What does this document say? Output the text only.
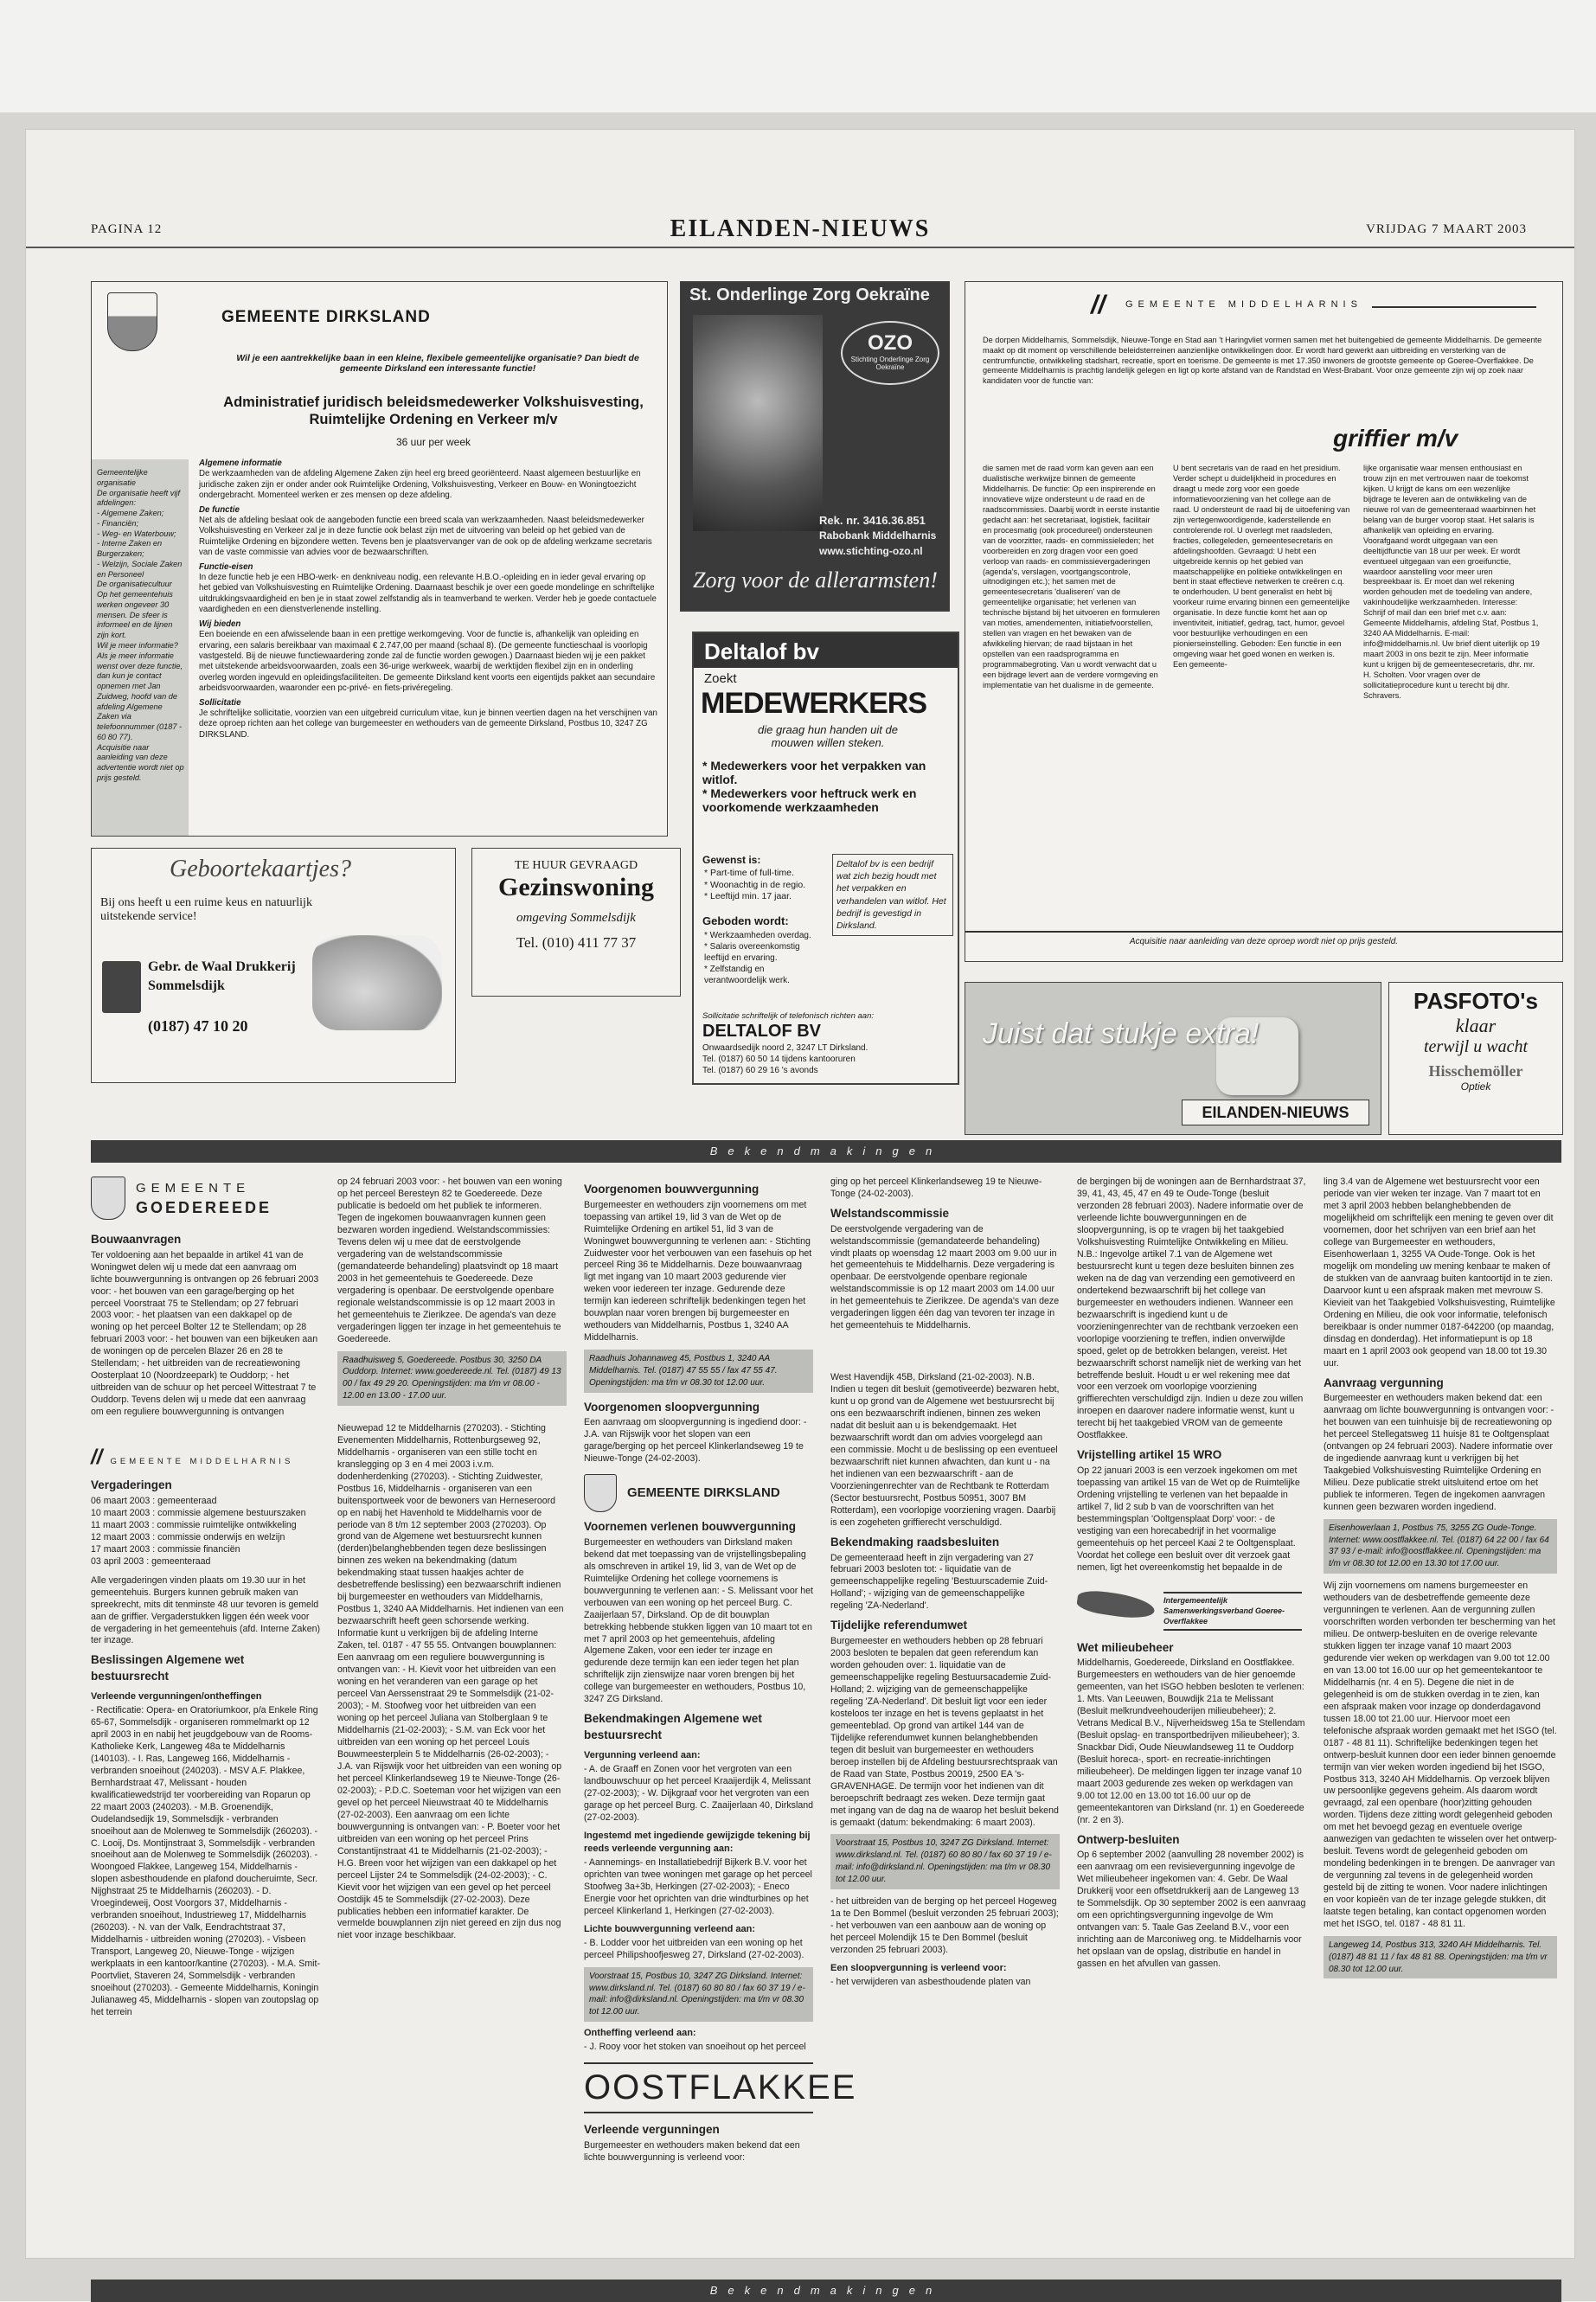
PAGINA 12	EILANDEN-NIEUWS	VRIJDAG 7 MAART 2003
GEMEENTE DIRKSLAND
Gemeentelijke organisatie
De organisatie heeft vijf afdelingen:
- Algemene Zaken;
- Financiën;
- Weg- en Waterbouw;
- Interne Zaken en Burgerzaken;
- Welzijn, Sociale Zaken en Personeel
De organisatiecultuur
Op het gemeentehuis werken ongeveer 30 mensen. De sfeer is informeel en de lijnen zijn kort.
Wil je meer informatie?
Als je meer informatie wenst over deze functie, dan kun je contact opnemen met Jan Zuidweg, hoofd van de afdeling Algemene Zaken via telefoonnummer (0187 - 60 80 77).
Acquisitie naar aanleiding van deze advertentie wordt niet op prijs gesteld.
Wil je een aantrekkelijke baan in een kleine, flexibele gemeentelijke organisatie? Dan biedt de gemeente Dirksland een interessante functie!
Administratief juridisch beleidsmedewerker Volkshuisvesting, Ruimtelijke Ordening en Verkeer m/v
36 uur per week
Algemene informatie
De werkzaamheden van de afdeling Algemene Zaken zijn heel erg breed georiënteerd. Naast algemeen bestuurlijke en juridische zaken zijn er onder ander ook Ruimtelijke Ordening, Volkshuisvesting, Verkeer en Bouw- en Woningtoezicht ondergebracht. Momenteel werken er zes mensen op deze afdeling.
De functie
Net als de afdeling beslaat ook de aangeboden functie een breed scala van werkzaamheden. Naast beleidsmedewerker Volkshuisvesting en Verkeer zal je in deze functie ook belast zijn met de uitvoering van beleid op het gebied van de Ruimtelijke Ordening en bijzondere wetten. Tevens ben je plaatsvervanger van de ook op de afdeling werkzame secretaris van de vaste commissie van advies voor de bezwaarschriften.
Functie-eisen
In deze functie heb je een HBO-werk- en denkniveau nodig, een relevante H.B.O.-opleiding en in ieder geval ervaring op het gebied van Volkshuisvesting en Ruimtelijke Ordening. Daarnaast beschik je over een goede mondelinge en schriftelijke uitdrukkingsvaardigheid en ben je in staat zowel zelfstandig als in teamverband te werken. Verder heb je goede contactuele vaardigheden en een dienstverlenende instelling.
Wij bieden
Een boeiende en een afwisselende baan in een prettige werkomgeving. Voor de functie is, afhankelijk van opleiding en ervaring, een salaris bereikbaar van maximaal € 2.747,00 per maand (schaal 8). (De gemeente functieschaal is voorlopig vastgesteld. Bij de nieuwe functiewaardering zonde zal de functie worden gewogen.) Daarnaast bieden wij je een pakket met uitstekende arbeidsvoorwaarden, zoals een 36-urige werkweek, waarbij de werktijden flexibel zijn en in onderling overleg worden ingevuld en opleidingsfaciliteiten. De gemeente Dirksland kent voorts een eigentijds pakket aan secundaire arbeidsvoorwaarden, waaronder een pc-privé- en fiets-privéregeling.
Sollicitatie
Je schriftelijke sollicitatie, voorzien van een uitgebreid curriculum vitae, kun je binnen veertien dagen na het verschijnen van deze oproep richten aan het college van burgemeester en wethouders van de gemeente Dirksland, Postbus 10, 3247 ZG DIRKSLAND.
St. Onderlinge Zorg Oekraïne
OZO
Stichting Onderlinge Zorg Oekraïne
Rek. nr. 3416.36.851
Rabobank Middelharnis
www.stichting-ozo.nl
Zorg voor de allerarmsten!
Deltalof bv
Zoekt
MEDEWERKERS
die graag hun handen uit de mouwen willen steken.
* Medewerkers voor het verpakken van witlof.
* Medewerkers voor heftruck werk en voorkomende werkzaamheden
Gewenst is:
* Part-time of full-time.
* Woonachtig in de regio.
* Leeftijd min. 17 jaar.
Geboden wordt:
* Werkzaamheden overdag.
* Salaris overeenkomstig leeftijd en ervaring.
* Zelfstandig en verantwoordelijk werk.
Deltalof bv is een bedrijf wat zich bezig houdt met het verpakken en verhandelen van witlof. Het bedrijf is gevestigd in Dirksland.
Sollicitatie schriftelijk of telefonisch richten aan:
DELTALOF BV
Onwaardsedijk noord 2, 3247 LT Dirksland.
Tel. (0187) 60 50 14 tijdens kantooruren
Tel. (0187) 60 29 16 's avonds
// GEMEENTE MIDDELHARNIS
De dorpen Middelharnis, Sommelsdijk, Nieuwe-Tonge en Stad aan 't Haringvliet vormen samen met het buitengebied de gemeente Middelharnis. De gemeente maakt op dit moment op verschillende beleidsterreinen aanzienlijke ontwikkelingen door. Er wordt hard gewerkt aan uitbreiding en versterking van de centrumfunctie, ontwikkeling stadshart, recreatie, sport en toerisme. De gemeente is met 17.350 inwoners de grootste gemeente op Goeree-Overflakkee. De gemeente Middelharnis is prachtig landelijk gelegen en ligt op korte afstand van de Randstad en West-Brabant. Voor onze gemeente zijn wij op zoek naar kandidaten voor de functie van:
griffier m/v
die samen met de raad vorm kan geven aan een dualistische werkwijze binnen de gemeente Middelharnis. De functie: Op een inspirerende en innovatieve wijze ondersteunt u de raad en de raadscommissies. Daarbij wordt in eerste instantie gedacht aan: het secretariaat, logistiek, facilitair en procesmatig (ook procedureel) ondersteunen van de voorzitter, raads- en commissieleden; het voorbereiden en zorg dragen voor een goed verloop van raads- en commissievergaderingen (agenda's, verslagen, voortgangscontrole, uitnodigingen etc.); het samen met de gemeentesecretaris 'dualiseren' van de gemeentelijke organisatie; het verlenen van technische bijstand bij het uitvoeren en formuleren van moties, amendementen, initiatiefvoorstellen, stellen van vragen en het bewaken van de afwikkeling hiervan; de raad bijstaan in het opstellen van een raadsprogramma en programmabegroting. Van u wordt verwacht dat u een bijdrage levert aan de verdere vormgeving en implementatie van het dualisme in de gemeente.
U bent secretaris van de raad en het presidium. Verder schept u duidelijkheid in procedures en draagt u mede zorg voor een goede informatievoorziening van het college aan de raad. U ondersteunt de raad bij de uitoefening van zijn vertegenwoordigende, kaderstellende en controlerende rol. U overlegt met raadsleden, fracties, collegeleden, gemeentesecretaris en afdelingshoofden. Gevraagd: U hebt een uitgebreide kennis op het gebied van maatschappelijke en politieke ontwikkelingen en bent in staat effectieve netwerken te creëren c.q. te onderhouden. U bent generalist en hebt bij voorkeur ruime ervaring binnen een gemeentelijke organisatie. In deze functie komt het aan op inventiviteit, initiatief, gedrag, tact, humor, gevoel voor bestuurlijke verhoudingen en een pionierseinstelling. Geboden: Een functie in een omgeving waar het goed wonen en werken is. Een gemeente-
lijke organisatie waar mensen enthousiast en trouw zijn en met vertrouwen naar de toekomst kijken. U krijgt de kans om een wezenlijke bijdrage te leveren aan de ontwikkeling van de nieuwe rol van de gemeenteraad waarbinnen het belang van de burger voorop staat. Het salaris is afhankelijk van opleiding en ervaring. Voorafgaand wordt uitgegaan van een deeltijdfunctie van 18 uur per week. Er wordt eventueel uitgegaan van een groeifunctie, waardoor aanstelling voor meer uren bespreekbaar is. Er moet dan wel rekening worden gehouden met de toedeling van andere, vakinhoudelijke werkzaamheden. Interesse: Schrijf of mail dan een brief met c.v. aan: Gemeente Middelharnis, afdeling Staf, Postbus 1, 3240 AA Middelharnis. E-mail: info@middelharnis.nl. Uw brief dient uiterlijk op 19 maart 2003 in ons bezit te zijn. Meer informatie kunt u krijgen bij de gemeentesecretaris, dhr. mr. H. Scholten. Voor vragen over de sollicitatieprocedure kunt u terecht bij dhr. Schravers.
Acquisitie naar aanleiding van deze oproep wordt niet op prijs gesteld.
Geboortekaartjes?
Bij ons heeft u een ruime keus en natuurlijk uitstekende service!
Gebr. de Waal Drukkerij
Sommelsdijk
(0187) 47 10 20
TE HUUR GEVRAAGD
Gezinswoning
omgeving Sommelsdijk
Tel. (010) 411 77 37
Juist dat stukje extra!
EILANDEN-NIEUWS
PASFOTO's
klaar
terwijl u wacht
Hisschemöller
Optiek
Bekendmakingen
Bekendmakingen
GEMEENTE
GOEDEREEDE
Bouwaanvragen

Ter voldoening aan het bepaalde in artikel 41 van de Woningwet delen wij u mede dat een aanvraag om lichte bouwvergunning is ontvangen op 26 februari 2003 voor: - het bouwen van een garage/berging op het perceel Voorstraat 75 te Stellendam; op 27 februari 2003 voor: - het plaatsen van een dakkapel op de woning op het perceel Bolter 12 te Stellendam; op 28 februari 2003 voor: - het bouwen van een bijkeuken aan de woningen op de percelen Blazer 26 en 28 te Stellendam; - het uitbreiden van de recreatiewoning Oosterplaat 10 (Noordzeepark) te Ouddorp; - het uitbreiden van de schuur op het perceel Wittestraat 7 te Ouddorp. Tevens delen wij u mede dat een aanvraag om een reguliere bouwvergunning is ontvangen

// GEMEENTE MIDDELHARNIS
Vergaderingen
06 maart 2003 : gemeenteraad
10 maart 2003 : commissie algemene bestuurszaken
11 maart 2003 : commissie ruimtelijke ontwikkeling
12 maart 2003 : commissie onderwijs en welzijn
17 maart 2003 : commissie financiën
03 april 2003 : gemeenteraad

Alle vergaderingen vinden plaats om 19.30 uur in het gemeentehuis. Burgers kunnen gebruik maken van spreekrecht, mits dit tenminste 48 uur tevoren is gemeld aan de griffier. Vergaderstukken liggen één week voor de vergadering in het gemeentehuis (afd. Interne Zaken) ter inzage.

Beslissingen Algemene wet bestuursrecht
Verleende vergunningen/ontheffingen

- Rectificatie: Opera- en Oratoriumkoor, p/a Enkele Ring 65-67, Sommelsdijk - organiseren rommelmarkt op 12 april 2003 in en nabij het jeugdgebouw van de Rooms-Katholieke Kerk, Langeweg 48a te Middelharnis (140103). - I. Ras, Langeweg 166, Middelharnis - verbranden snoeihout (240203). - MSV A.F. Plakkee, Bernhardstraat 47, Melissant - houden kwalificatiewedstrijd ter voorbereiding van Roparun op 22 maart 2003 (240203). - M.B. Groenendijk, Oudelandsedijk 19, Sommelsdijk - verbranden snoeihout aan de Molenweg te Sommelsdijk (260203). - C. Looij, Ds. Montijnstraat 3, Sommelsdijk - verbranden snoeihout aan de Molenweg te Sommelsdijk (260203). - Woongoed Flakkee, Langeweg 154, Middelharnis - slopen asbesthoudende en plafond doucheruimte, Secr. Nijghstraat 25 te Middelharnis (260203). - D. Vroegindeweij, Oost Voorgors 37, Middelharnis - verbranden snoeihout, Industrieweg 17, Middelharnis (260203). - N. van der Valk, Eendrachtstraat 37, Middelharnis - uitbreiden woning (270203). - Visbeen Transport, Langeweg 20, Nieuwe-Tonge - wijzigen werkplaats in een kantoor/kantine (270203). - M.A. Smit-Poortvliet, Staveren 24, Sommelsdijk - verbranden snoeihout (270203). - Gemeente Middelharnis, Koningin Julianaweg 45, Middelharnis - slopen van zoutopslag op het terrein

op 24 februari 2003 voor: - het bouwen van een woning op het perceel Beresteyn 82 te Goedereede. Deze publicatie is bedoeld om het publiek te informeren. Tegen de ingekomen bouwaanvragen kunnen geen bezwaren worden ingediend. Welstandscommissies: Tevens delen wij u mee dat de eerstvolgende vergadering van de welstandscommissie (gemandateerde behandeling) plaatsvindt op 18 maart 2003 in het gemeentehuis te Goedereede. Deze vergadering is openbaar. De eerstvolgende openbare regionale welstandscommissie is op 12 maart 2003 in het gemeentehuis te Zierikzee. De agenda's van deze vergaderingen liggen ter inzage in het gemeentehuis te Goedereede.

Raadhuisweg 5, Goedereede. Postbus 30, 3250 DA Ouddorp. Internet: www.goedereede.nl. Tel. (0187) 49 13 00 / fax 49 29 20. Openingstijden: ma t/m vr 08.00 - 12.00 en 13.00 - 17.00 uur.

Nieuwepad 12 te Middelharnis (270203). - Stichting Evenementen Middelharnis, Rottenburgseweg 92, Middelharnis - organiseren van een stille tocht en kranslegging op 3 en 4 mei 2003 i.v.m. dodenherdenking (270203). - Stichting Zuidwester, Postbus 16, Middelharnis - organiseren van een buitensportweek voor de bewoners van Herneseroord op en nabij het Havenhold te Middelharnis voor de periode van 8 t/m 12 september 2003 (270203). Op grond van de Algemene wet bestuursrecht kunnen (derden)belanghebbenden tegen deze beslissingen binnen zes weken na bekendmaking (datum bekendmaking staat tussen haakjes achter de desbetreffende beslissing) een bezwaarschrift indienen bij burgemeester en wethouders van Middelharnis, Postbus 1, 3240 AA Middelharnis. Het indienen van een bezwaarschrift heeft geen schorsende werking. Informatie kunt u verkrijgen bij de afdeling Interne Zaken, tel. 0187 - 47 55 55. Ontvangen bouwplannen: Een aanvraag om een reguliere bouwvergunning is ontvangen van: - H. Kievit voor het uitbreiden van een woning en het veranderen van een garage op het perceel Van Aerssenstraat 29 te Sommelsdijk (21-02-2003); - M. Stoofweg voor het uitbreiden van een woning op het perceel Juliana van Stolberglaan 9 te Middelharnis (21-02-2003); - S.M. van Eck voor het uitbreiden van een woning op het perceel Louis Bouwmeesterplein 5 te Middelharnis (26-02-2003); - J.A. van Rijswijk voor het uitbreiden van een woning op het perceel Klinkerlandseweg 19 te Nieuwe-Tonge (26-02-2003); - P.D.C. Soeteman voor het wijzigen van een gevel op het perceel Nieuwstraat 40 te Middelharnis (27-02-2003). Een aanvraag om een lichte bouwvergunning is ontvangen van: - P. Boeter voor het uitbreiden van een woning op het perceel Prins Constantijnstraat 41 te Middelharnis (21-02-2003); - H.G. Breen voor het wijzigen van een dakkapel op het perceel Lijster 24 te Sommelsdijk (24-02-2003); - C. Kievit voor het wijzigen van een gevel op het perceel Oostdijk 45 te Sommelsdijk (27-02-2003). Deze publicaties hebben een informatief karakter. De vermelde bouwplannen zijn niet gereed en zijn dus nog niet voor inzage beschikbaar.

Voorgenomen bouwvergunning

Burgemeester en wethouders zijn voornemens om met toepassing van artikel 19, lid 3 van de Wet op de Ruimtelijke Ordening en artikel 51, lid 3 van de Woningwet bouwvergunning te verlenen aan: - Stichting Zuidwester voor het verbouwen van een fasehuis op het perceel Ring 36 te Middelharnis. Deze bouwaanvraag ligt met ingang van 10 maart 2003 gedurende vier weken voor iedereen ter inzage. Gedurende deze termijn kan iedereen schriftelijk bedenkingen tegen het bouwplan naar voren brengen bij burgemeester en wethouders van Middelharnis, Postbus 1, 3240 AA Middelharnis.

Raadhuis Johannaweg 45, Postbus 1, 3240 AA Middelharnis. Tel. (0187) 47 55 55 / fax 47 55 47. Openingstijden: ma t/m vr 08.30 tot 12.00 uur.
Voorgenomen sloopvergunning

Een aanvraag om sloopvergunning is ingediend door: - J.A. van Rijswijk voor het slopen van een garage/berging op het perceel Klinkerlandseweg 19 te Nieuwe-Tonge (24-02-2003).

GEMEENTE DIRKSLAND
Voornemen verlenen bouwvergunning

Burgemeester en wethouders van Dirksland maken bekend dat met toepassing van de vrijstellingsbepaling als omschreven in artikel 19, lid 3, van de Wet op de Ruimtelijke Ordening het college voornemens is bouwvergunning te verlenen aan: - S. Melissant voor het verbouwen van een woning op het perceel Burg. C. Zaaijerlaan 57, Dirksland. Op de dit bouwplan betrekking hebbende stukken liggen van 10 maart tot en met 7 april 2003 op het gemeentehuis, afdeling Algemene Zaken, voor een ieder ter inzage en gedurende deze termijn kan een ieder tegen het plan schriftelijk zijn zienswijze naar voren brengen bij het college van burgemeester en wethouders, Postbus 10, 3247 ZG Dirksland.

Bekendmakingen Algemene wet bestuursrecht
Vergunning verleend aan:

- A. de Graaff en Zonen voor het vergroten van een landbouwschuur op het perceel Kraaijerdijk 4, Melissant (27-02-2003); - W. Dijkgraaf voor het vergroten van een garage op het perceel Burg. C. Zaaijerlaan 40, Dirksland (27-02-2003).

Ingestemd met ingediende gewijzigde tekening bij reeds verleende vergunning aan:

- Aannemings- en Installatiebedrijf Bijkerk B.V. voor het oprichten van twee woningen met garage op het perceel Stoofweg 3a+3b, Herkingen (27-02-2003); - Eneco Energie voor het oprichten van drie windturbines op het perceel Klinkerland 1, Herkingen (27-02-2003).

Lichte bouwvergunning verleend aan:

- B. Lodder voor het uitbreiden van een woning op het perceel Philipshoofjesweg 27, Dirksland (27-02-2003).

Voorstraat 15, Postbus 10, 3247 ZG Dirksland. Internet: www.dirksland.nl. Tel. (0187) 60 80 80 / fax 60 37 19 / e-mail: info@dirksland.nl. Openingstijden: ma t/m vr 08.30 tot 12.00 uur.
Ontheffing verleend aan:

- J. Rooy voor het stoken van snoeihout op het perceel

OOSTFLAKKEE
Verleende vergunningen

Burgemeester en wethouders maken bekend dat een lichte bouwvergunning is verleend voor:

ging op het perceel Klinkerlandseweg 19 te Nieuwe-Tonge (24-02-2003).

Welstandscommissie

De eerstvolgende vergadering van de welstandscommissie (gemandateerde behandeling) vindt plaats op woensdag 12 maart 2003 om 9.00 uur in het gemeentehuis te Middelharnis. Deze vergadering is openbaar. De eerstvolgende openbare regionale welstandscommissie is op 12 maart 2003 om 14.00 uur in het gemeentehuis te Zierikzee. De agenda's van deze vergaderingen liggen één dag van tevoren ter inzage in het gemeentehuis te Middelharnis.

West Havendijk 45B, Dirksland (21-02-2003). N.B. Indien u tegen dit besluit (gemotiveerde) bezwaren hebt, kunt u op grond van de Algemene wet bestuursrecht bij ons een bezwaarschrift indienen, binnen zes weken nadat dit besluit aan u is bekendgemaakt. Het bezwaarschrift wordt dan om advies voorgelegd aan een commissie. Mocht u de beslissing op een eventueel bezwaarschrift niet kunnen afwachten, dan kunt u - na het indienen van een bezwaarschrift - aan de Voorzieningenrechter van de Rechtbank te Rotterdam (Sector bestuursrecht, Postbus 50951, 3007 BM Rotterdam), een voorlopige voorziening vragen. Daarbij is een zogeheten griffierecht verschuldigd.

Bekendmaking raadsbesluiten

De gemeenteraad heeft in zijn vergadering van 27 februari 2003 besloten tot: - liquidatie van de gemeenschappelijke regeling 'Bestuurscademie Zuid-Holland'; - wijziging van de gemeenschappelijke regeling 'ZA-Nederland'.

Tijdelijke referendumwet

Burgemeester en wethouders hebben op 28 februari 2003 besloten te bepalen dat geen referendum kan worden gehouden over: 1. liquidatie van de gemeenschappelijke regeling Bestuursacademie Zuid-Holland; 2. wijziging van de gemeenschappelijke regeling 'ZA-Nederland'. Dit besluit ligt voor een ieder kosteloos ter inzage en het is tevens geplaatst in het gemeenteblad. Op grond van artikel 144 van de Tijdelijke referendumwet kunnen belanghebbenden tegen dit besluit van burgemeester en wethouders beroep instellen bij de Afdeling bestuursrechtspraak van de Raad van State, Postbus 20019, 2500 EA 's-GRAVENHAGE. De termijn voor het indienen van dit beroepschrift bedraagt zes weken. Deze termijn gaat met ingang van de dag na de waarop het besluit bekend is gemaakt (datum: bekendmaking: 6 maart 2003).

Voorstraat 15, Postbus 10, 3247 ZG Dirksland. Internet: www.dirksland.nl. Tel. (0187) 60 80 80 / fax 60 37 19 / e-mail: info@dirksland.nl. Openingstijden: ma t/m vr 08.30 tot 12.00 uur.

- het uitbreiden van de berging op het perceel Hogeweg 1a te Den Bommel (besluit verzonden 25 februari 2003); - het verbouwen van een aanbouw aan de woning op het perceel Molendijk 15 te Den Bommel (besluit verzonden 25 februari 2003).

Een sloopvergunning is verleend voor:

- het verwijderen van asbesthoudende platen van

de bergingen bij de woningen aan de Bernhardstraat 37, 39, 41, 43, 45, 47 en 49 te Oude-Tonge (besluit verzonden 28 februari 2003). Nadere informatie over de verleende lichte bouwvergunningen en de sloopvergunning, is op te vragen bij het taakgebied Volkshuisvesting Ruimtelijke Ontwikkeling en Milieu. N.B.: Ingevolge artikel 7.1 van de Algemene wet bestuursrecht kunt u tegen deze besluiten binnen zes weken na de dag van verzending een gemotiveerd en ondertekend bezwaarschrift bij het college van burgemeester en wethouders indienen. Wanneer een bezwaarschrift is ingediend kunt u de voorzieningenrechter van de rechtbank verzoeken een voorlopige voorziening te treffen, indien onverwijlde spoed, gelet op de betrokken belangen, vereist. Het bezwaarschrift schorst namelijk niet de werking van het betreffende besluit. Houdt u er wel rekening mee dat voor een verzoek om voorlopige voorziening griffierechten verschuldigd zijn. Indien u deze zou willen inroepen en daarover nadere informatie wenst, kunt u terecht bij het taakgebied VROM van de gemeente Oostflakkee.

Vrijstelling artikel 15 WRO

Op 22 januari 2003 is een verzoek ingekomen om met toepassing van artikel 15 van de Wet op de Ruimtelijke Ordening vrijstelling te verlenen van het bepaalde in artikel 7, lid 2 sub b van de voorschriften van het bestemmingsplan 'Ooltgensplaat Dorp' voor: - de vestiging van een horecabedrijf in het voormalige gemeentehuis op het perceel Kaai 2 te Ooltgensplaat. Voordat het college een besluit over dit verzoek gaat nemen, ligt het overeenkomstig het bepaalde in de

Intergemeentelijk Samenwerkingsverband Goeree-Overflakkee
Wet milieubeheer

Middelharnis, Goedereede, Dirksland en Oostflakkee. Burgemeesters en wethouders van de hier genoemde gemeenten, van het ISGO hebben besloten te verlenen: 1. Mts. Van Leeuwen, Bouwdijk 21a te Melissant (Besluit melkrundveehouderijen milieubeheer); 2. Vetrans Medical B.V., Nijverheidsweg 15a te Stellendam (Besluit opslag- en transportbedrijven milieubeheer); 3. Snackbar Didi, Oude Nieuwlandseweg 11 te Ouddorp (Besluit horeca-, sport- en recreatie-inrichtingen milieubeheer). De meldingen liggen ter inzage vanaf 10 maart 2003 gedurende zes weken op werkdagen van 9.00 tot 12.00 en 13.00 tot 16.00 uur op de gemeentekantoren van Dirksland (nr. 1) en Goedereede (nr. 2 en 3).

Ontwerp-besluiten

Op 6 september 2002 (aanvulling 28 november 2002) is een aanvraag om een revisievergunning ingevolge de Wet milieubeheer ingekomen van: 4. Gebr. De Waal Drukkerij voor een offsetdrukkerij aan de Langeweg 13 te Sommelsdijk. Op 30 september 2002 is een aanvraag om een oprichtingsvergunning ingevolge de Wm ontvangen van: 5. Taale Gas Zeeland B.V., voor een inrichting aan de Marconiweg ong. te Middelharnis voor het opslaan van de opslag, distributie en handel in gassen en het afvullen van gassen.

ling 3.4 van de Algemene wet bestuursrecht voor een periode van vier weken ter inzage. Van 7 maart tot en met 3 april 2003 hebben belanghebbenden de mogelijkheid om schriftelijk een mening te geven over dit voornemen, door het schrijven van een brief aan het college van Burgemeester en wethouders, Eisenhowerlaan 1, 3255 VA Oude-Tonge. Ook is het mogelijk om mondeling uw mening kenbaar te maken of de stukken van de aanvraag buiten kantoortijd in te zien. Daarvoor kunt u een afspraak maken met mevrouw S. Kievieit van het Taakgebied Volkshuisvesting, Ruimtelijke Ordening en Milieu, die ook voor informatie, telefonisch bereikbaar is onder nummer 0187-642200 (op maandag, dinsdag en donderdag). Het informatiepunt is op 18 maart en 1 april 2003 ook geopend van 18.00 tot 19.30 uur.

Aanvraag vergunning

Burgemeester en wethouders maken bekend dat: een aanvraag om lichte bouwvergunning is ontvangen voor: - het bouwen van een tuinhuisje bij de recreatiewoning op het perceel Stellegatsweg 11 huisje 81 te Ooltgensplaat (ontvangen op 24 februari 2003). Nadere informatie over de ingediende aanvraag kunt u verkrijgen bij het Taakgebied Volkshuisvesting Ruimtelijke Ordening en Milieu. Deze publicatie strekt uitsluitend ertoe om het publiek te informeren. Tegen de ingekomen aanvragen kunnen geen bezwaren worden ingediend.

Eisenhowerlaan 1, Postbus 75, 3255 ZG Oude-Tonge. Internet: www.oostflakkee.nl. Tel. (0187) 64 22 00 / fax 64 37 93 / e-mail: info@oostflakkee.nl. Openingstijden: ma t/m vr 08.30 tot 12.00 en 13.30 tot 17.00 uur.

Wij zijn voornemens om namens burgemeester en wethouders van de desbetreffende gemeente deze vergunningen te verlenen. Aan de vergunning zullen voorschriften worden verbonden ter bescherming van het milieu. De ontwerp-besluiten en de overige relevante stukken liggen ter inzage vanaf 10 maart 2003 gedurende vier weken op werkdagen van 9.00 tot 12.00 en van 13.00 tot 16.00 uur op het gemeentekantoor te Middelharnis (nr. 4 en 5). Degene die niet in de gelegenheid is om de stukken overdag in te zien, kan een afspraak maken voor inzage op donderdagavond tussen 18.00 tot 21.00 uur. Hiervoor moet een telefonische afspraak worden gemaakt met het ISGO (tel. 0187 - 48 81 11). Schriftelijke bedenkingen tegen het ontwerp-besluit kunnen door een ieder binnen genoemde termijn van vier weken worden ingediend bij het ISGO, Postbus 313, 3240 AH Middelharnis. Op verzoek blijven uw persoonlijke gegevens geheim. Als daarom wordt gevraagd, zal een openbare (hoor)zitting gehouden worden. Tijdens deze zitting wordt gelegenheid geboden om met het bevoegd gezag en eventuele overige aanwezigen van gedachten te wisselen over het ontwerp-besluit. Tevens wordt de gelegenheid geboden om mondeling bedenkingen in te brengen. De aanvrager van de vergunning zal tevens in de gelegenheid worden gesteld bij de zitting te wonen. Voor nadere inlichtingen en voor kopieën van de ter inzage gelegde stukken, dit laatste tegen betaling, kan contact opgenomen worden met het ISGO, tel. 0187 - 48 81 11.

Langeweg 14, Postbus 313, 3240 AH Middelharnis. Tel. (0187) 48 81 11 / fax 48 81 88. Openingstijden: ma t/m vr 08.30 tot 12.00 uur.
